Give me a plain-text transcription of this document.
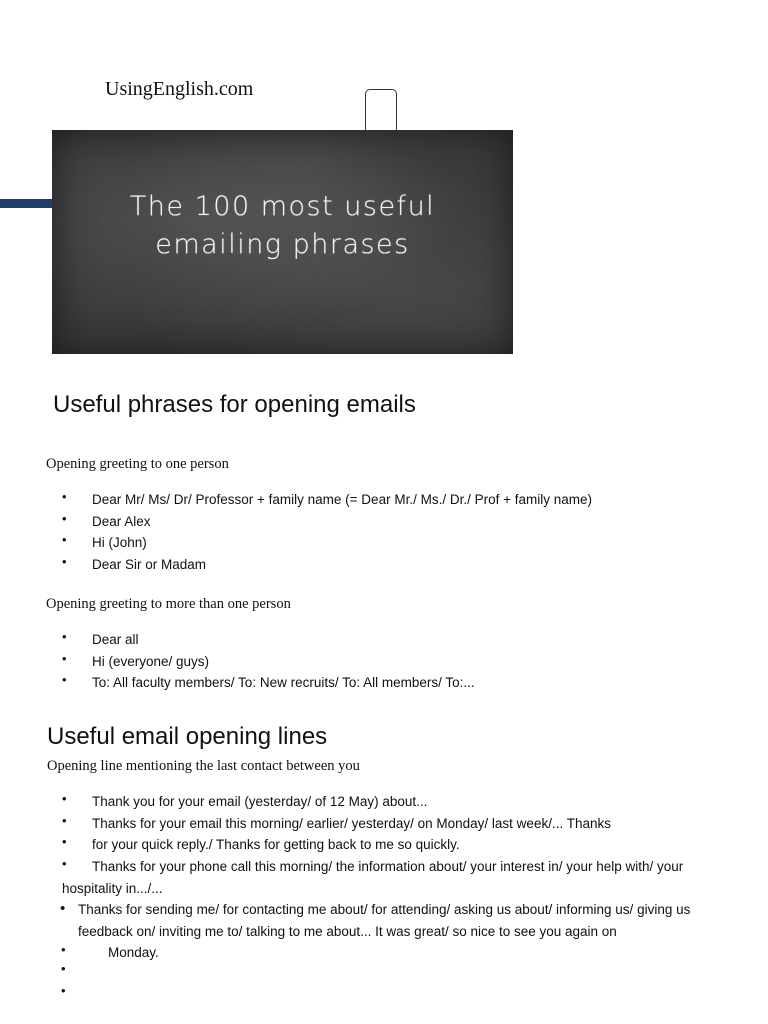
UsingEnglish.com
The 100 most useful
emailing phrases
Useful phrases for opening emails

Opening greeting to one person

• Dear Mr/ Ms/ Dr/ Professor + family name (= Dear Mr./ Ms./ Dr./ Prof + family name)
• Dear Alex
• Hi (John)
• Dear Sir or Madam

Opening greeting to more than one person

• Dear all
• Hi (everyone/ guys)
• To: All faculty members/ To: New recruits/ To: All members/ To:...
Useful email opening lines

Opening line mentioning the last contact between you

• Thank you for your email (yesterday/ of 12 May) about...
• Thanks for your email this morning/ earlier/ yesterday/ on Monday/ last week/... Thanks
• for your quick reply./ Thanks for getting back to me so quickly.
• Thanks for your phone call this morning/ the information about/ your interest in/ your help with/ your hospitality in.../...
• Thanks for sending me/ for contacting me about/ for attending/ asking us about/ informing us/ giving us feedback on/ inviting me to/ talking to me about... It was great/ so nice to see you again on
•	Monday.
•
•
